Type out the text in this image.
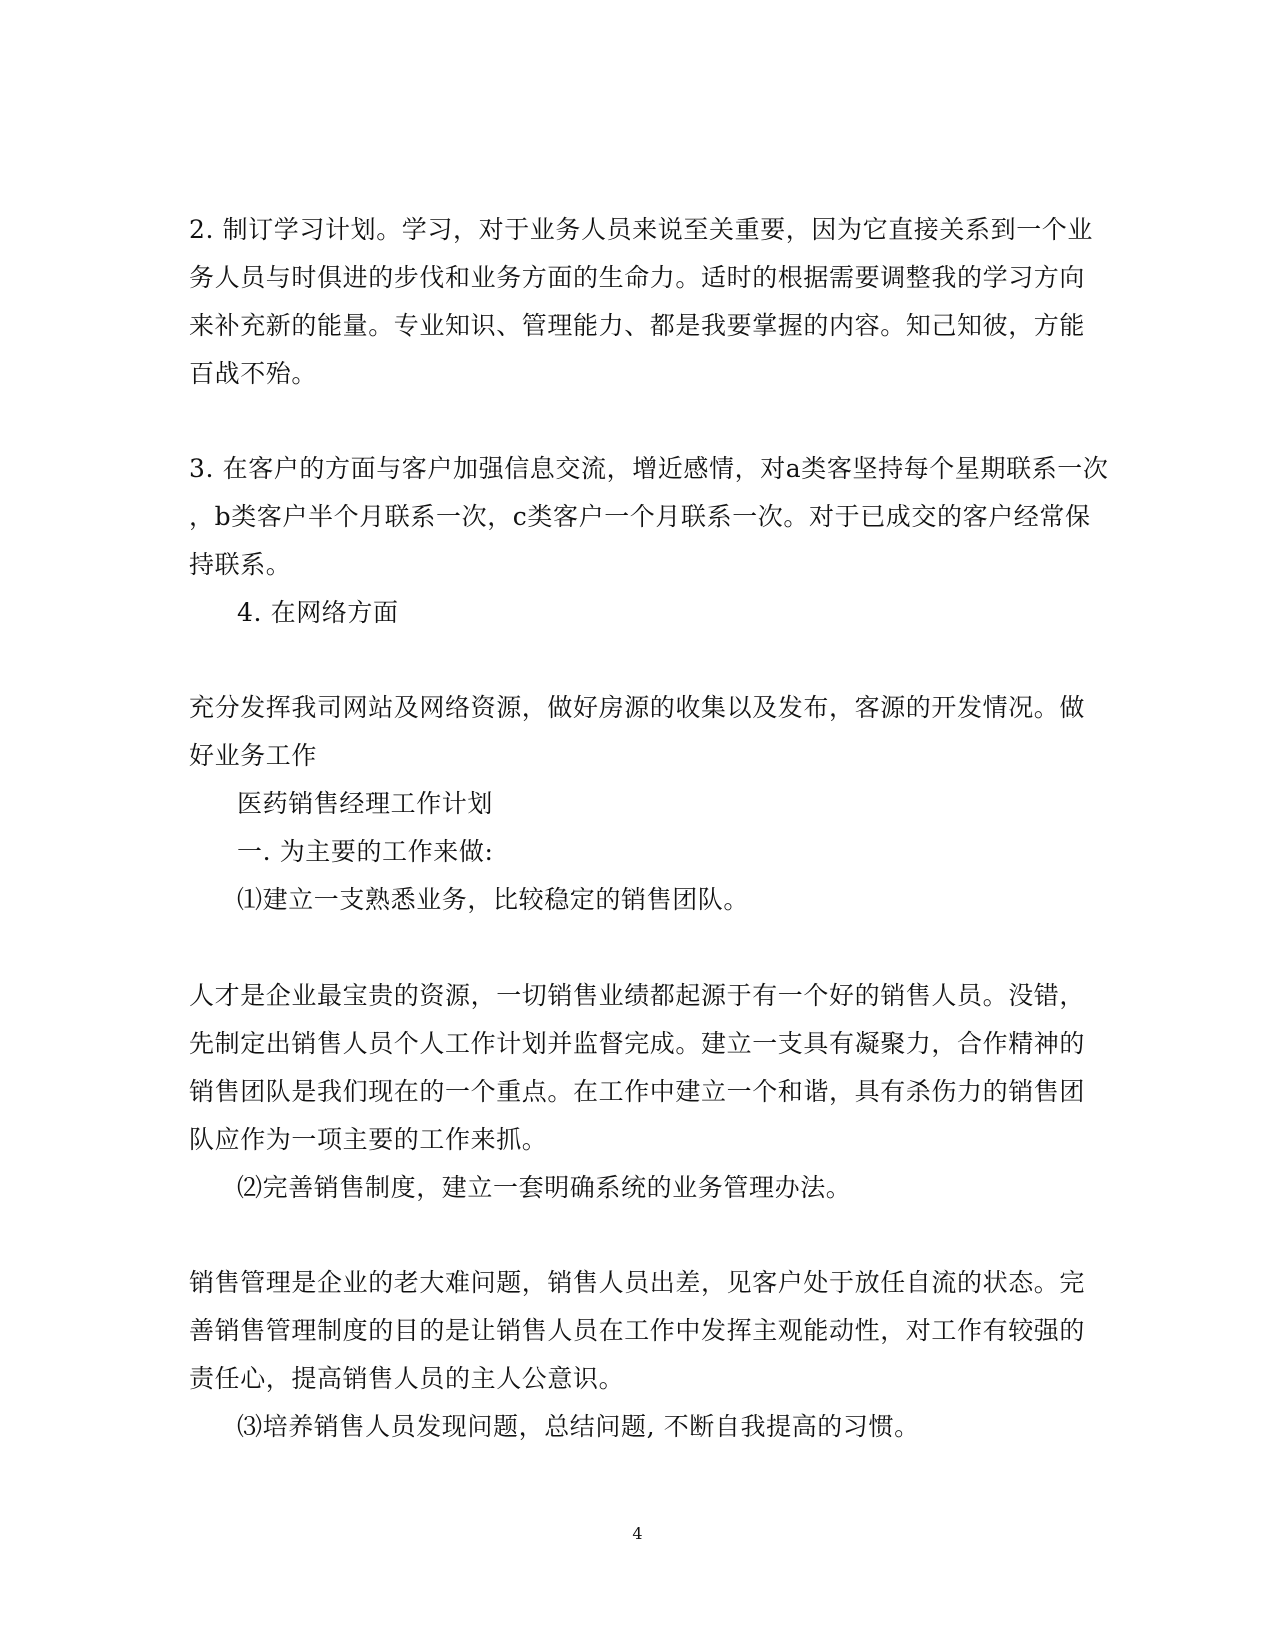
2. 制订学习计划。学习，对于业务人员来说至关重要，因为它直接关系到一个业
务人员与时俱进的步伐和业务方面的生命力。适时的根据需要调整我的学习方向
来补充新的能量。专业知识、管理能力、都是我要掌握的内容。知己知彼，方能
百战不殆。
3. 在客户的方面与客户加强信息交流，增近感情，对a类客坚持每个星期联系一次
，b类客户半个月联系一次，c类客户一个月联系一次。对于已成交的客户经常保
持联系。
4. 在网络方面
充分发挥我司网站及网络资源，做好房源的收集以及发布，客源的开发情况。做
好业务工作
医药销售经理工作计划
一. 为主要的工作来做:
⑴建立一支熟悉业务，比较稳定的销售团队。
人才是企业最宝贵的资源，一切销售业绩都起源于有一个好的销售人员。没错，
先制定出销售人员个人工作计划并监督完成。建立一支具有凝聚力，合作精神的
销售团队是我们现在的一个重点。在工作中建立一个和谐，具有杀伤力的销售团
队应作为一项主要的工作来抓。
⑵完善销售制度，建立一套明确系统的业务管理办法。
销售管理是企业的老大难问题，销售人员出差，见客户处于放任自流的状态。完
善销售管理制度的目的是让销售人员在工作中发挥主观能动性，对工作有较强的
责任心，提高销售人员的主人公意识。
⑶培养销售人员发现问题，总结问题, 不断自我提高的习惯。
4
